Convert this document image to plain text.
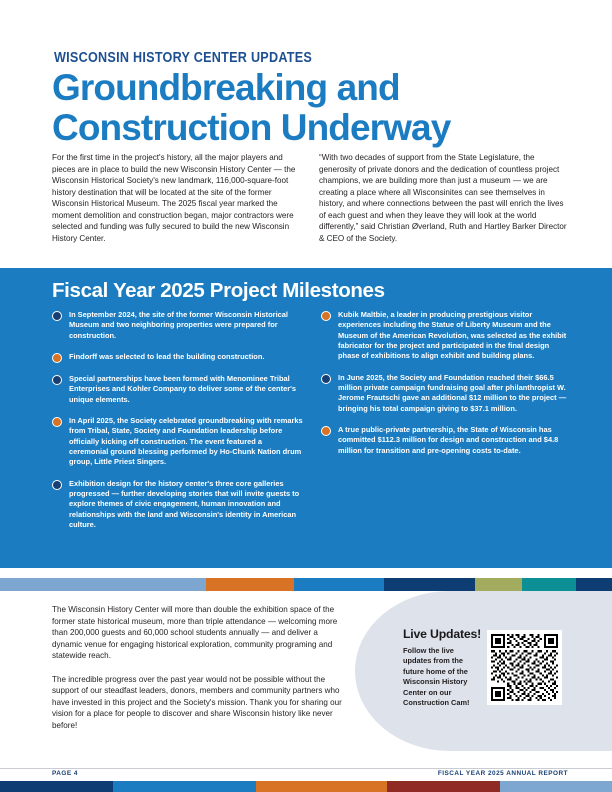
WISCONSIN HISTORY CENTER UPDATES
Groundbreaking and
Construction Underway

For the first time in the project's history, all the major players and pieces are in place to build the new Wisconsin History Center — the Wisconsin Historical Society's new landmark, 116,000-square-foot history destination that will be located at the site of the former Wisconsin Historical Museum. The 2025 fiscal year marked the moment demolition and construction began, major contractors were selected and funding was fully secured to build the new Wisconsin History Center.

“With two decades of support from the State Legislature, the generosity of private donors and the dedication of countless project champions, we are building more than just a museum — we are creating a place where all Wisconsinites can see themselves in history, and where connections between the past will enrich the lives of each guest and when they leave they will look at the world differently,” said Christian Øverland, Ruth and Hartley Barker Director & CEO of the Society.

Fiscal Year 2025 Project Milestones
In September 2024, the site of the former Wisconsin Historical Museum and two neighboring properties were prepared for construction.
Findorff was selected to lead the building construction.
Special partnerships have been formed with Menominee Tribal Enterprises and Kohler Company to deliver some of the center's unique elements.
In April 2025, the Society celebrated groundbreaking with remarks from Tribal, State, Society and Foundation leadership before officially kicking off construction. The event featured a ceremonial ground blessing performed by Ho-Chunk Nation drum group, Little Priest Singers.
Exhibition design for the history center's three core galleries progressed — further developing stories that will invite guests to explore themes of civic engagement, human innovation and relationships with the land and Wisconsin's identity in American culture.
Kubik Maltbie, a leader in producing prestigious visitor experiences including the Statue of Liberty Museum and the Museum of the American Revolution, was selected as the exhibit fabricator for the project and participated in the final design phase of exhibitions to align exhibit and building plans.
In June 2025, the Society and Foundation reached their $66.5 million private campaign fundraising goal after philanthropist W. Jerome Frautschi gave an additional $12 million to the project — bringing his total campaign giving to $37.1 million.
A true public-private partnership, the State of Wisconsin has committed $112.3 million for design and construction and $4.8 million for transition and pre-opening costs to-date.

The Wisconsin History Center will more than double the exhibition space of the former state historical museum, more than triple attendance — welcoming more than 200,000 guests and 60,000 school students annually — and deliver a dynamic venue for engaging historical exploration, community programing and statewide reach.

The incredible progress over the past year would not be possible without the support of our steadfast leaders, donors, members and community partners who have invested in this project and the Society's mission. Thank you for sharing our vision for a place for people to discover and share Wisconsin history like never before!

Live Updates!

Follow the live updates from the future home of the Wisconsin History Center on our Construction Cam!

PAGE 4	FISCAL YEAR 2025 ANNUAL REPORT
